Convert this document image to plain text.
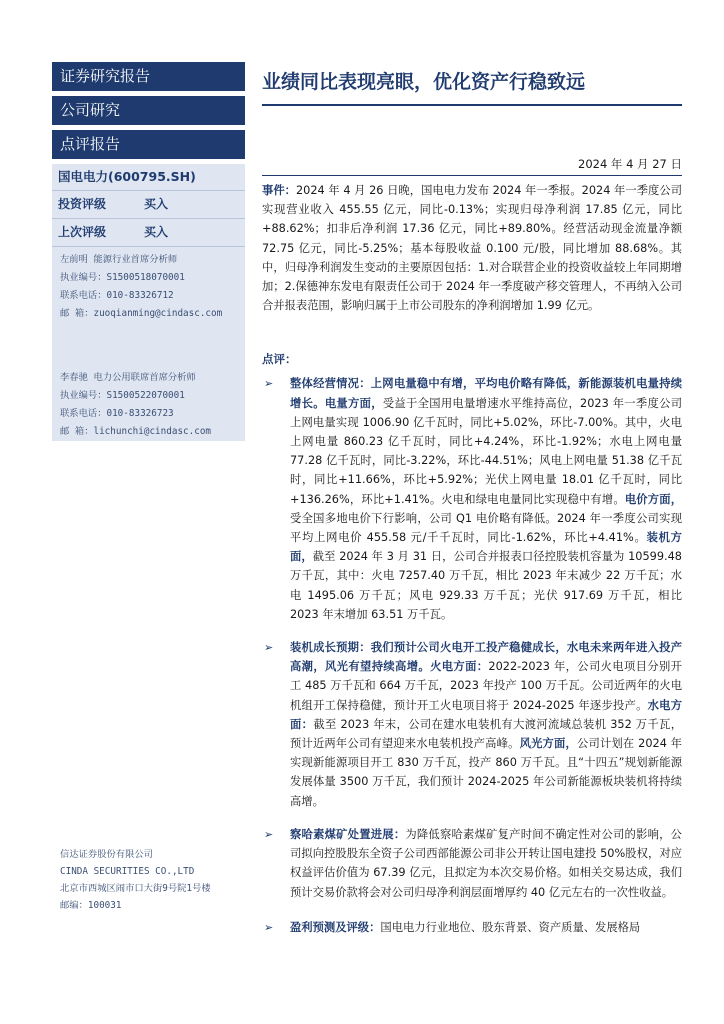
证券研究报告
公司研究
点评报告
国电电力(600795.SH)
投资评级	买入
上次评级	买入
左前明 能源行业首席分析师
执业编号：S1500518070001
联系电话：010-83326712
邮 箱：zuoqianming@cindasc.com
李春驰 电力公用联席首席分析师
执业编号：S1500522070001
联系电话：010-83326723
邮 箱：lichunchi@cindasc.com
信达证券股份有限公司
CINDA SECURITIES CO.,LTD
北京市西城区闹市口大街9号院1号楼
邮编：100031
业绩同比表现亮眼，优化资产行稳致远
2024 年 4 月 27 日

事件：2024 年 4 月 26 日晚，国电电力发布 2024 年一季报。2024 年一季度公司实现营业收入 455.55 亿元，同比-0.13%；实现归母净利润 17.85 亿元，同比+88.62%；扣非后净利润 17.36 亿元，同比+89.80%。经营活动现金流量净额 72.75 亿元，同比-5.25%；基本每股收益 0.100 元/股，同比增加 88.68%。其中，归母净利润发生变动的主要原因包括：1.对合联营企业的投资收益较上年同期增加；2.保德神东发电有限责任公司于 2024 年一季度破产移交管理人，不再纳入公司合并报表范围，影响归属于上市公司股东的净利润增加 1.99 亿元。

点评：
➢ 整体经营情况：上网电量稳中有增，平均电价略有降低，新能源装机电量持续增长。电量方面，受益于全国用电量增速水平维持高位，2023 年一季度公司上网电量实现 1006.90 亿千瓦时，同比+5.02%，环比-7.00%。其中，火电上网电量 860.23 亿千瓦时，同比+4.24%，环比-1.92%；水电上网电量 77.28 亿千瓦时，同比-3.22%，环比-44.51%；风电上网电量 51.38 亿千瓦时，同比+11.66%，环比+5.92%；光伏上网电量 18.01 亿千瓦时，同比+136.26%，环比+1.41%。火电和绿电电量同比实现稳中有增。电价方面，受全国多地电价下行影响，公司 Q1 电价略有降低。2024 年一季度公司实现平均上网电价 455.58 元/千千瓦时，同比-1.62%，环比+4.41%。装机方面，截至 2024 年 3 月 31 日，公司合并报表口径控股装机容量为 10599.48 万千瓦，其中：火电 7257.40 万千瓦，相比 2023 年末减少 22 万千瓦；水电 1495.06 万千瓦；风电 929.33 万千瓦；光伏 917.69 万千瓦，相比 2023 年末增加 63.51 万千瓦。
➢ 装机成长预期：我们预计公司火电开工投产稳健成长，水电未来两年进入投产高潮，风光有望持续高增。火电方面：2022-2023 年，公司火电项目分别开工 485 万千瓦和 664 万千瓦，2023 年投产 100 万千瓦。公司近两年的火电机组开工保持稳健，预计开工火电项目将于 2024-2025 年逐步投产。水电方面：截至 2023 年末，公司在建水电装机有大渡河流域总装机 352 万千瓦，预计近两年公司有望迎来水电装机投产高峰。风光方面，公司计划在 2024 年实现新能源项目开工 830 万千瓦，投产 860 万千瓦。且“十四五”规划新能源发展体量 3500 万千瓦，我们预计 2024-2025 年公司新能源板块装机将持续高增。
➢ 察哈素煤矿处置进展：为降低察哈素煤矿复产时间不确定性对公司的影响，公司拟向控股股东全资子公司西部能源公司非公开转让国电建投 50%股权，对应权益评估价值为 67.39 亿元，且拟定为本次交易价格。如相关交易达成，我们预计交易价款将会对公司归母净利润层面增厚约 40 亿元左右的一次性收益。
➢ 盈利预测及评级：国电电力行业地位、股东背景、资产质量、发展格局
